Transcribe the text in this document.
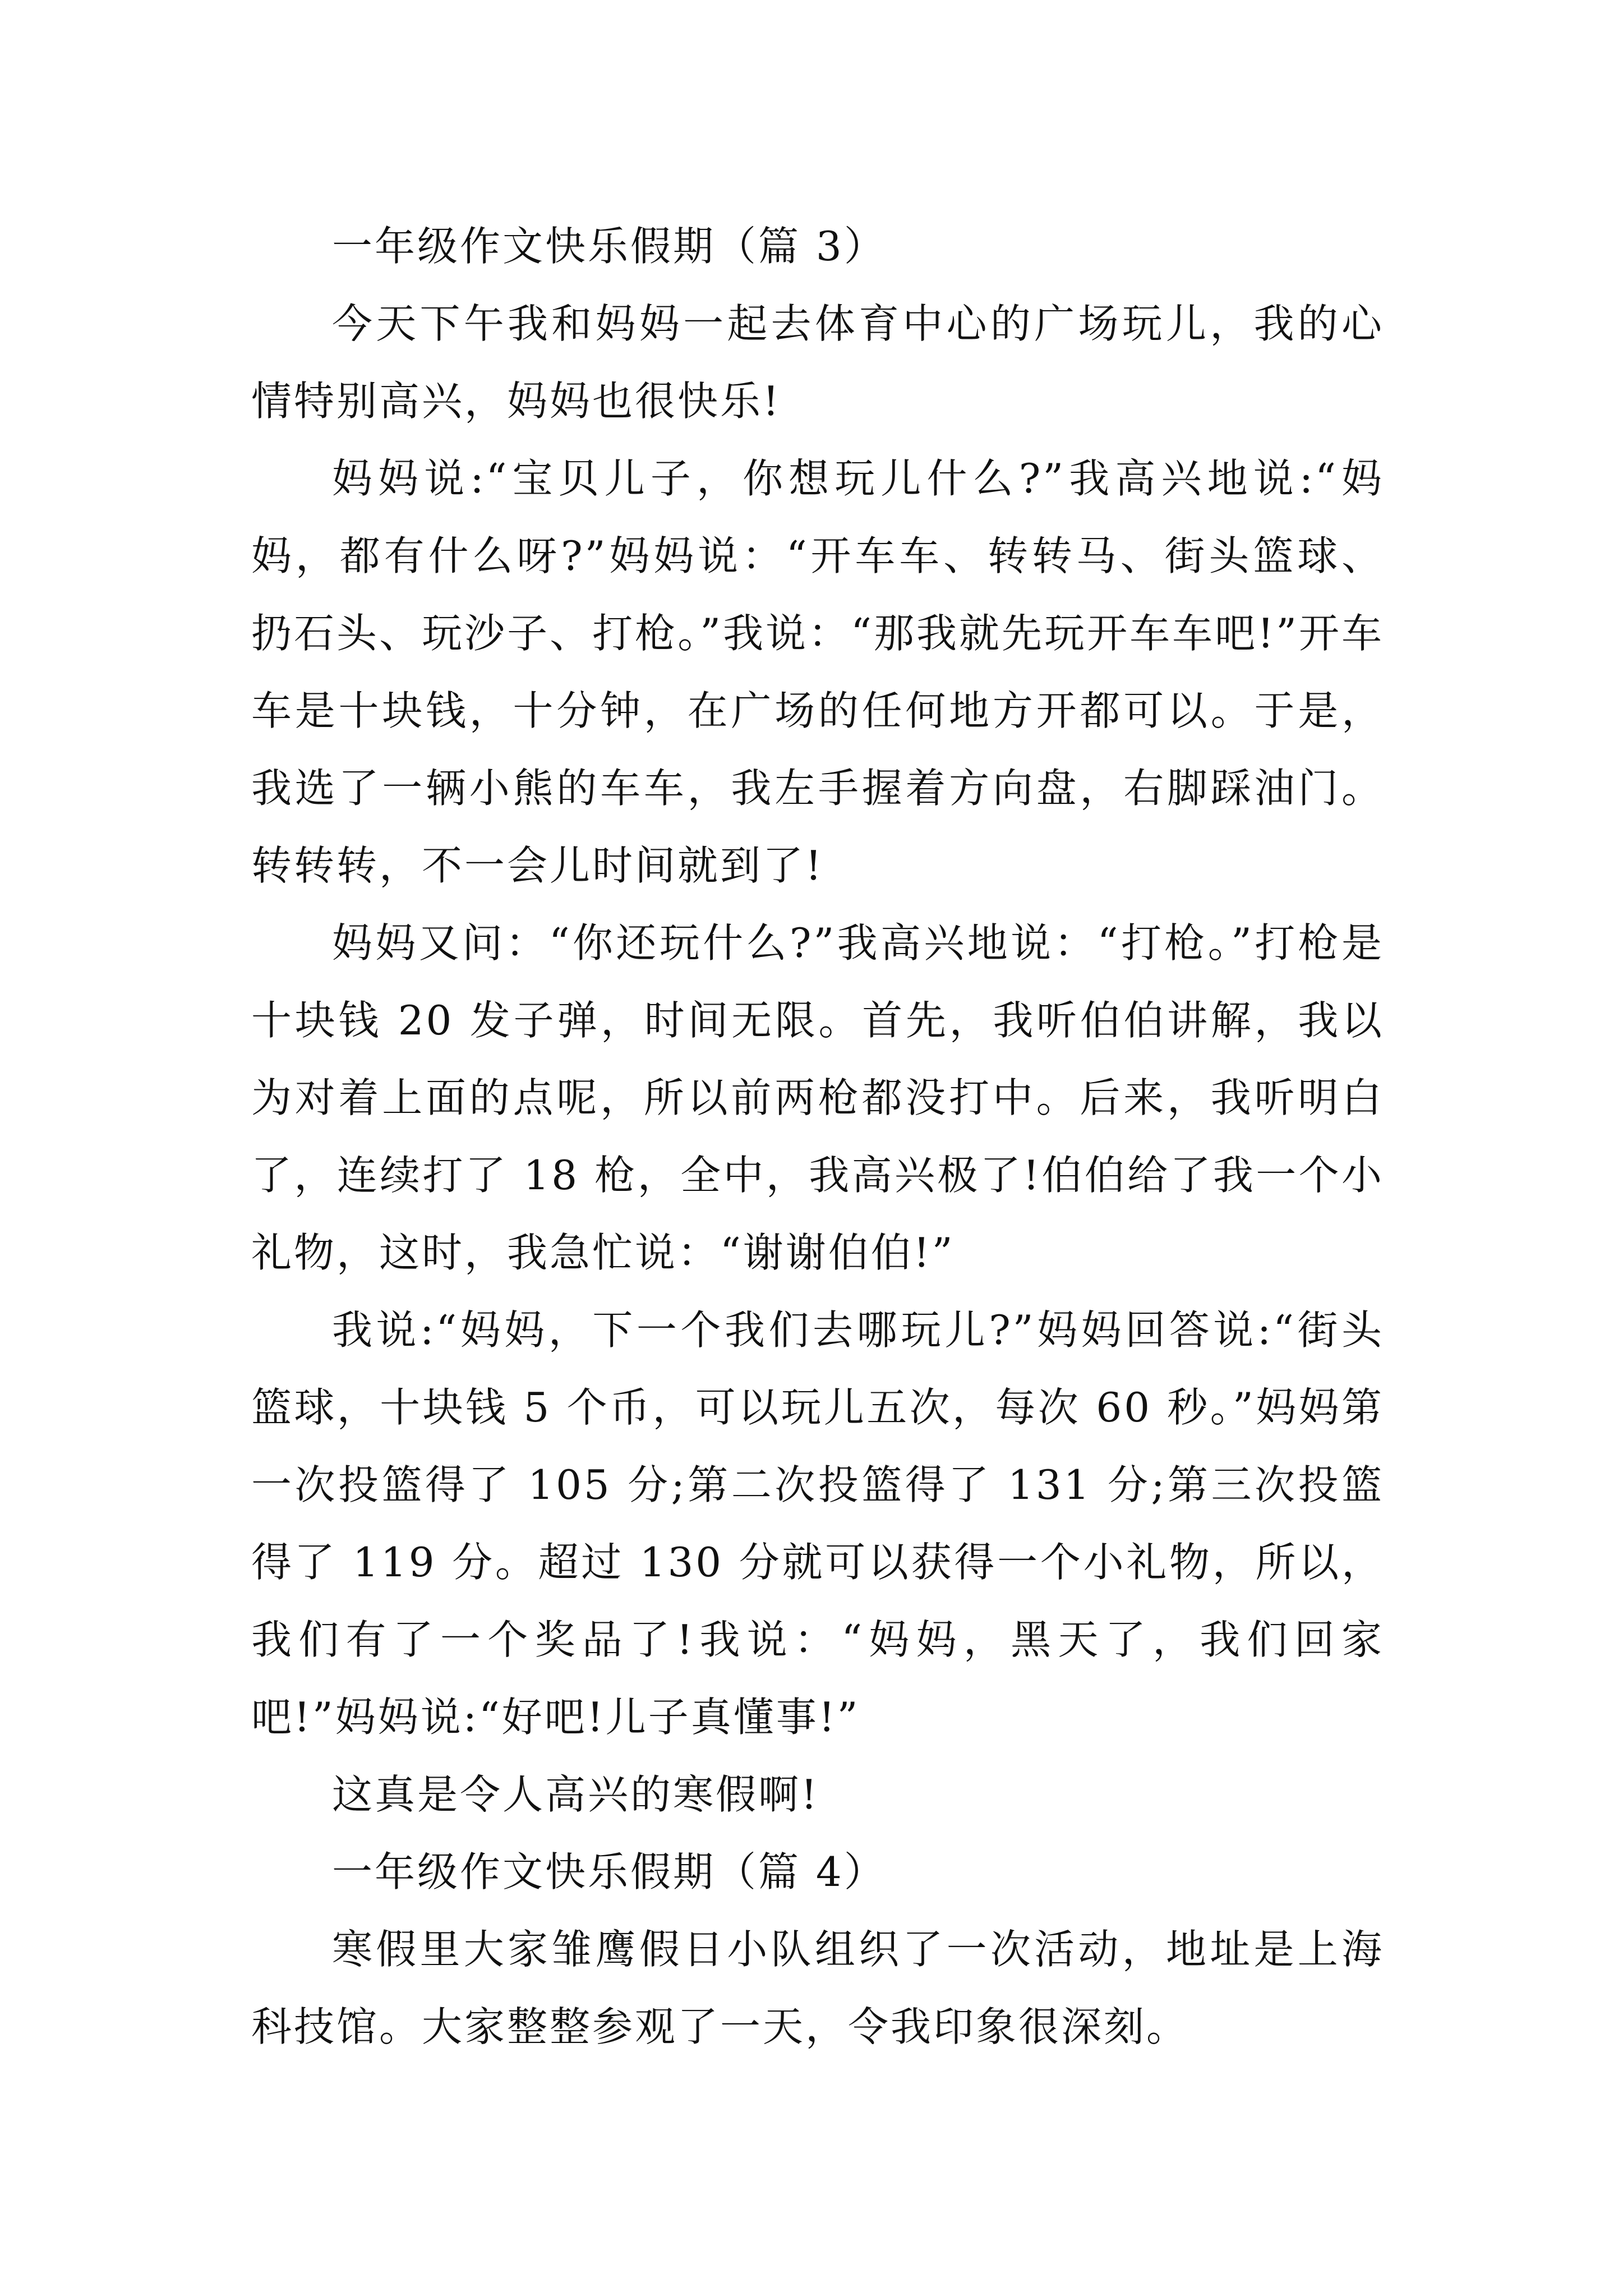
一年级作文快乐假期（篇 3）

今天下午我和妈妈一起去体育中心的广场玩儿，我的心情特别高兴，妈妈也很快乐!

妈妈说:“宝贝儿子，你想玩儿什么?”我高兴地说:“妈妈，都有什么呀?”妈妈说：“开车车、转转马、街头篮球、扔石头、玩沙子、打枪。”我说：“那我就先玩开车车吧!”开车车是十块钱，十分钟，在广场的任何地方开都可以。于是，我选了一辆小熊的车车，我左手握着方向盘，右脚踩油门。转转转，不一会儿时间就到了!

妈妈又问：“你还玩什么?”我高兴地说：“打枪。”打枪是十块钱 20 发子弹，时间无限。首先，我听伯伯讲解，我以为对着上面的点呢，所以前两枪都没打中。后来，我听明白了，连续打了 18 枪，全中，我高兴极了!伯伯给了我一个小礼物，这时，我急忙说：“谢谢伯伯!”

我说:“妈妈，下一个我们去哪玩儿?”妈妈回答说:“街头篮球，十块钱 5 个币，可以玩儿五次，每次 60 秒。”妈妈第一次投篮得了 105 分;第二次投篮得了 131 分;第三次投篮得了 119 分。超过 130 分就可以获得一个小礼物，所以，我们有了一个奖品了!我说：“妈妈，黑天了，我们回家吧!”妈妈说:“好吧!儿子真懂事!”

这真是令人高兴的寒假啊!

一年级作文快乐假期（篇 4）

寒假里大家雏鹰假日小队组织了一次活动，地址是上海科技馆。大家整整参观了一天，令我印象很深刻。
